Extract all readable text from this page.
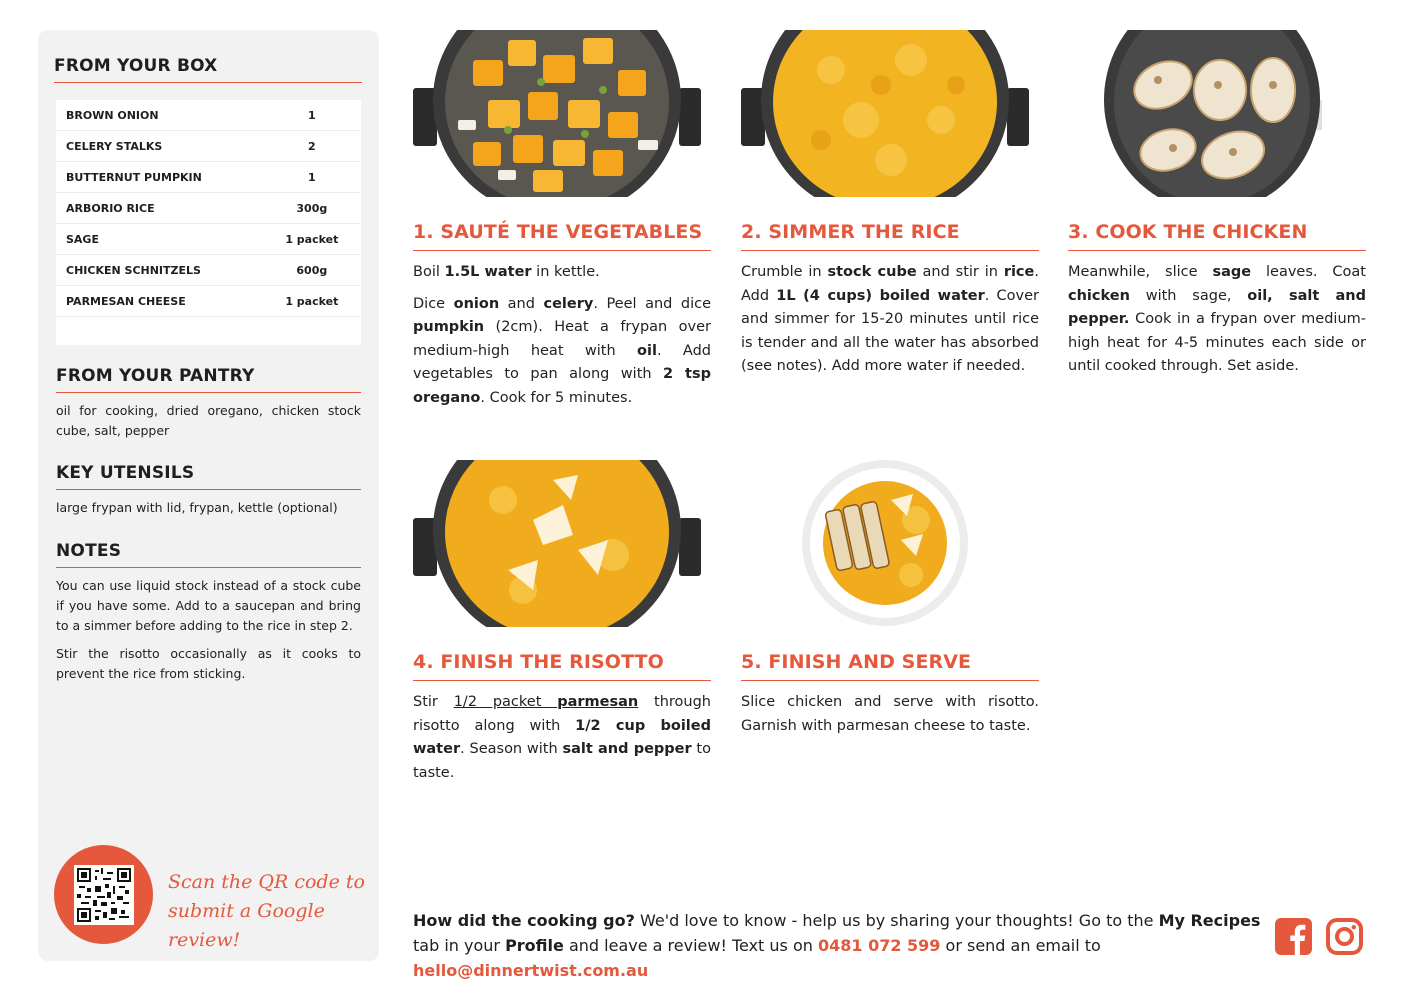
FROM YOUR BOX
BROWN ONION	1
CELERY STALKS	2
BUTTERNUT PUMPKIN	1
ARBORIO RICE	300g
SAGE	1 packet
CHICKEN SCHNITZELS	600g
PARMESAN CHEESE	1 packet
FROM YOUR PANTRY

oil for cooking, dried oregano, chicken stock cube, salt, pepper

KEY UTENSILS

large frypan with lid, frypan, kettle (optional)

NOTES

You can use liquid stock instead of a stock cube if you have some. Add to a saucepan and bring to a simmer before adding to the rice in step 2.

Stir the risotto occasionally as it cooks to prevent the rice from sticking.

Scan the QR code to
submit a Google review!
1. SAUTÉ THE VEGETABLES

Boil 1.5L water in kettle.

Dice onion and celery. Peel and dice pumpkin (2cm). Heat a frypan over medium-high heat with oil. Add vegetables to pan along with 2 tsp oregano. Cook for 5 minutes.

2. SIMMER THE RICE

Crumble in stock cube and stir in rice. Add 1L (4 cups) boiled water. Cover and simmer for 15-20 minutes until rice is tender and all the water has absorbed (see notes). Add more water if needed.

3. COOK THE CHICKEN

Meanwhile, slice sage leaves. Coat chicken with sage, oil, salt and pepper. Cook in a frypan over medium-high heat for 4-5 minutes each side or until cooked through. Set aside.

4. FINISH THE RISOTTO

Stir 1/2 packet parmesan through risotto along with 1/2 cup boiled water. Season with salt and pepper to taste.

5. FINISH AND SERVE

Slice chicken and serve with risotto. Garnish with parmesan cheese to taste.

How did the cooking go? We'd love to know - help us by sharing your thoughts! Go to the My Recipes tab in your Profile and leave a review! Text us on 0481 072 599 or send an email to hello@dinnertwist.com.au
